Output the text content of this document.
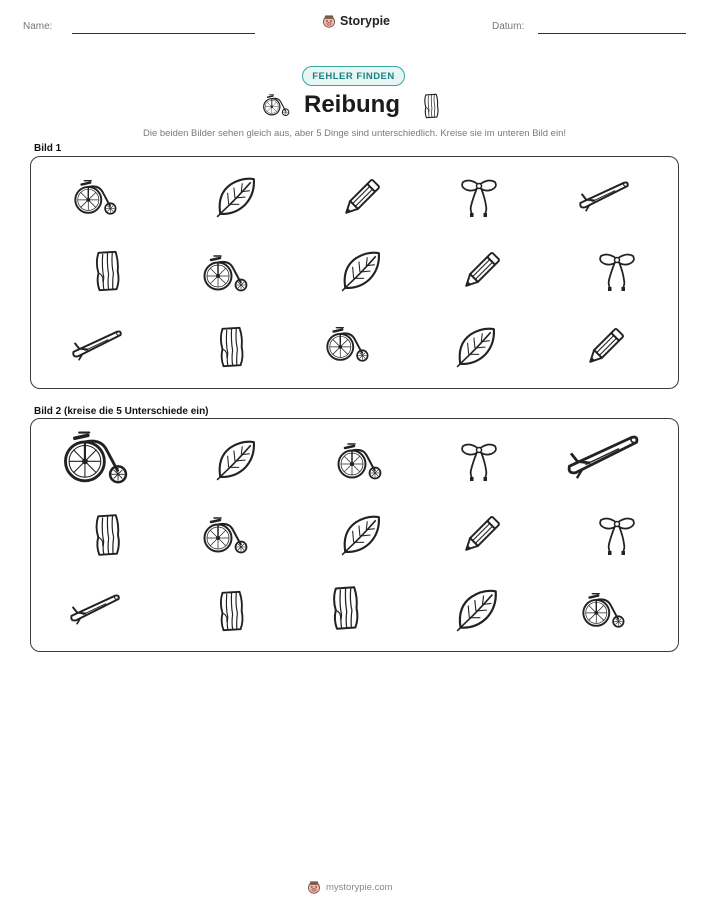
Name:	Storypie	Datum:
FEHLER FINDEN
Reibung
Die beiden Bilder sehen gleich aus, aber 5 Dinge sind unterschiedlich. Kreise sie im unteren Bild ein!
Bild 1
Bild 2 (kreise die 5 Unterschiede ein)
mystorypie.com
